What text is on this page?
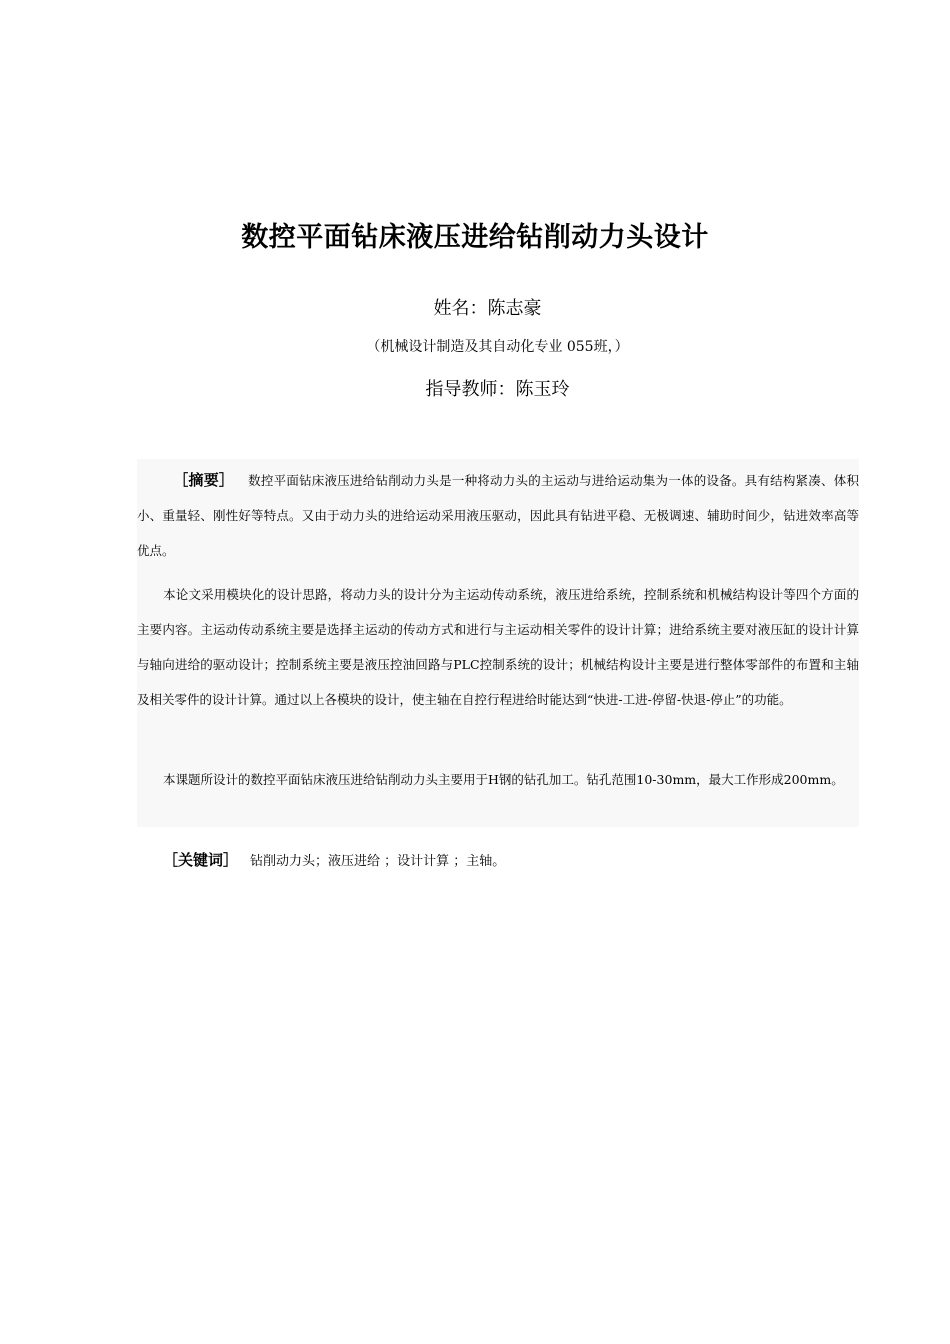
数控平面钻床液压进给钻削动力头设计
姓名：陈志豪
（机械设计制造及其自动化专业 055班，）
指导教师：陈玉玲
［摘要］ 数控平面钻床液压进给钻削动力头是一种将动力头的主运动与进给运动集为一体的设备。具有结构紧凑、体积小、重量轻、刚性好等特点。又由于动力头的进给运动采用液压驱动，因此具有钻进平稳、无极调速、辅助时间少，钻进效率高等优点。
本论文采用模块化的设计思路，将动力头的设计分为主运动传动系统，液压进给系统，控制系统和机械结构设计等四个方面的主要内容。主运动传动系统主要是选择主运动的传动方式和进行与主运动相关零件的设计计算；进给系统主要对液压缸的设计计算与轴向进给的驱动设计；控制系统主要是液压控油回路与PLC控制系统的设计；机械结构设计主要是进行整体零部件的布置和主轴及相关零件的设计计算。通过以上各模块的设计，使主轴在自控行程进给时能达到“快进-工进-停留-快退-停止”的功能。
本课题所设计的数控平面钻床液压进给钻削动力头主要用于H钢的钻孔加工。钻孔范围10-30mm，最大工作形成200mm。
［关键词］ 钻削动力头；液压进给 ；设计计算 ；主轴。
